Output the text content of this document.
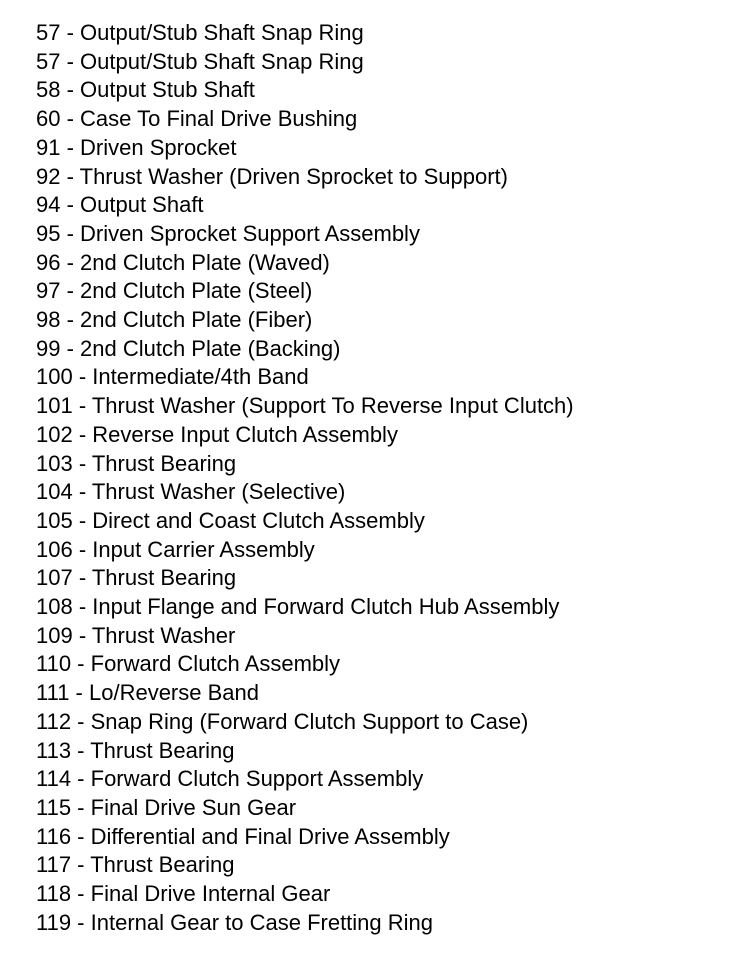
57 - Output/Stub Shaft Snap Ring
57 - Output/Stub Shaft Snap Ring
58 - Output Stub Shaft
60 - Case To Final Drive Bushing
91 - Driven Sprocket
92 - Thrust Washer (Driven Sprocket to Support)
94 - Output Shaft
95 - Driven Sprocket Support Assembly
96 - 2nd Clutch Plate (Waved)
97 - 2nd Clutch Plate (Steel)
98 - 2nd Clutch Plate (Fiber)
99 - 2nd Clutch Plate (Backing)
100 - Intermediate/4th Band
101 - Thrust Washer (Support To Reverse Input Clutch)
102 - Reverse Input Clutch Assembly
103 - Thrust Bearing
104 - Thrust Washer (Selective)
105 - Direct and Coast Clutch Assembly
106 - Input Carrier Assembly
107 - Thrust Bearing
108 - Input Flange and Forward Clutch Hub Assembly
109 - Thrust Washer
110 - Forward Clutch Assembly
111 - Lo/Reverse Band
112 - Snap Ring (Forward Clutch Support to Case)
113 - Thrust Bearing
114 - Forward Clutch Support Assembly
115 - Final Drive Sun Gear
116 - Differential and Final Drive Assembly
117 - Thrust Bearing
118 - Final Drive Internal Gear
119 - Internal Gear to Case Fretting Ring
